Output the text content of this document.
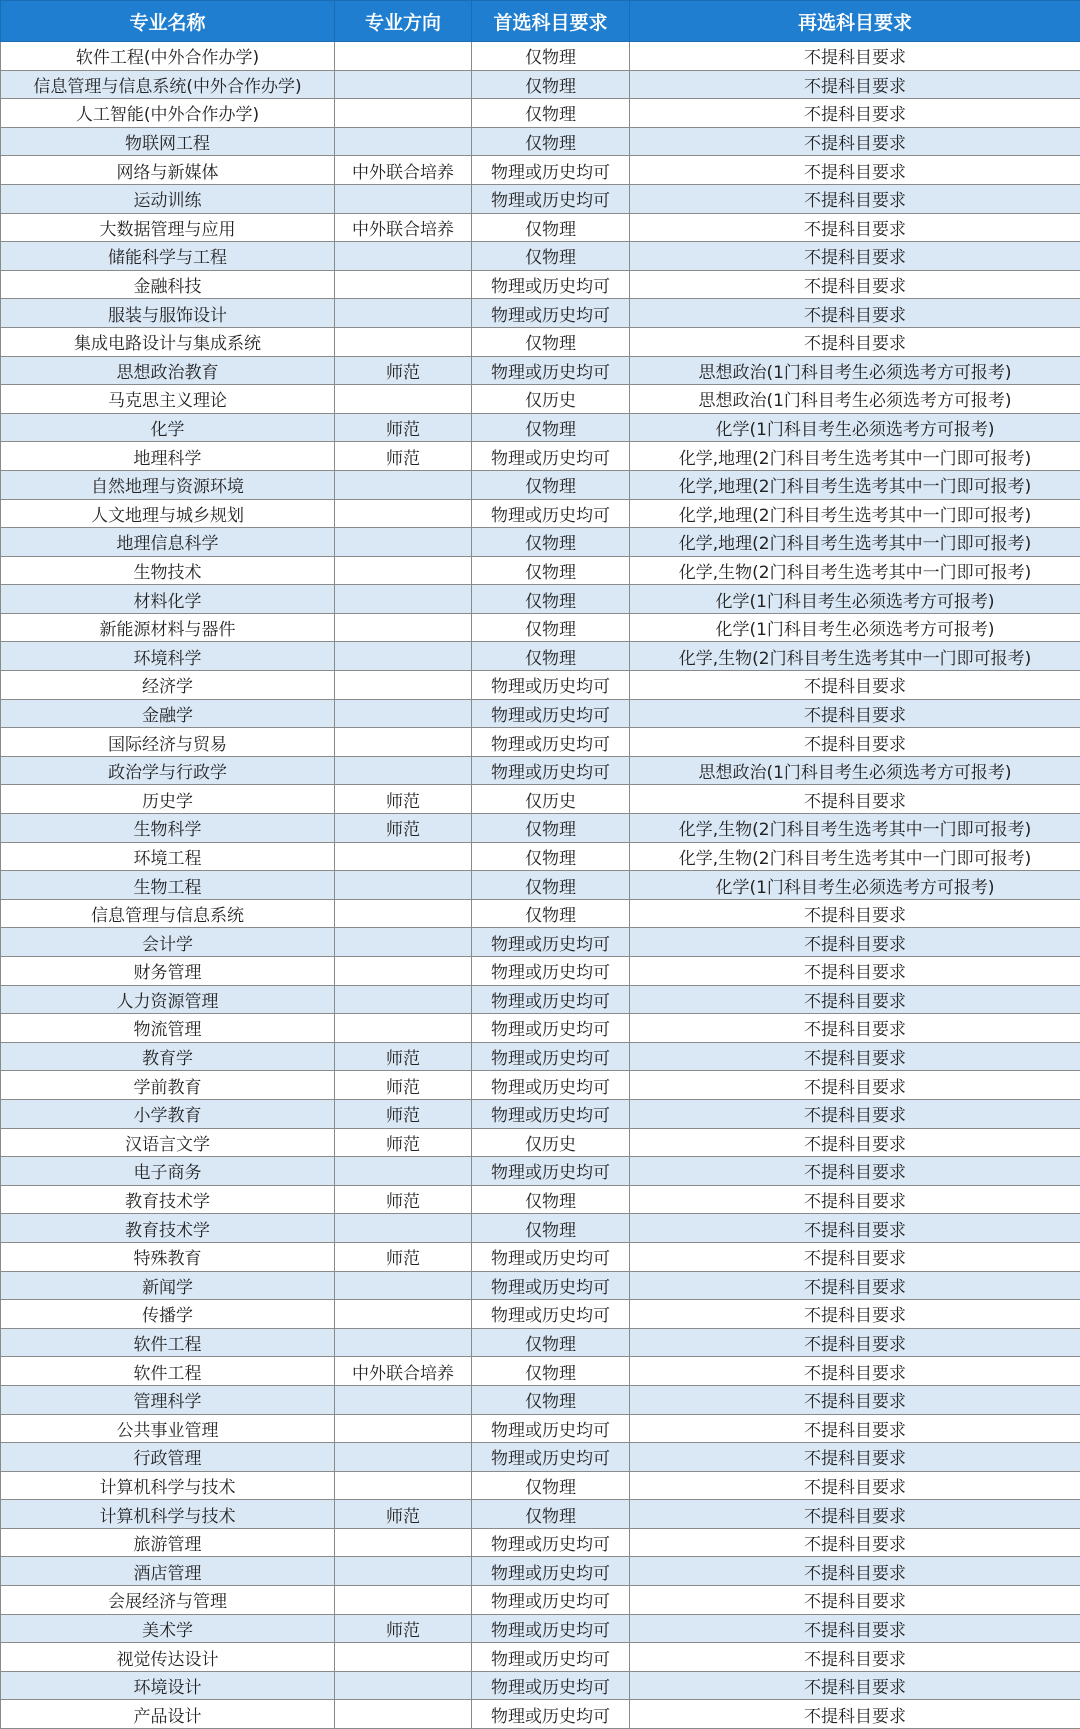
专业名称	专业方向	首选科目要求	再选科目要求
软件工程(中外合作办学)		仅物理	不提科目要求
信息管理与信息系统(中外合作办学)		仅物理	不提科目要求
人工智能(中外合作办学)		仅物理	不提科目要求
物联网工程		仅物理	不提科目要求
网络与新媒体	中外联合培养	物理或历史均可	不提科目要求
运动训练		物理或历史均可	不提科目要求
大数据管理与应用	中外联合培养	仅物理	不提科目要求
储能科学与工程		仅物理	不提科目要求
金融科技		物理或历史均可	不提科目要求
服装与服饰设计		物理或历史均可	不提科目要求
集成电路设计与集成系统		仅物理	不提科目要求
思想政治教育	师范	物理或历史均可	思想政治(1门科目考生必须选考方可报考)
马克思主义理论		仅历史	思想政治(1门科目考生必须选考方可报考)
化学	师范	仅物理	化学(1门科目考生必须选考方可报考)
地理科学	师范	物理或历史均可	化学,地理(2门科目考生选考其中一门即可报考)
自然地理与资源环境		仅物理	化学,地理(2门科目考生选考其中一门即可报考)
人文地理与城乡规划		物理或历史均可	化学,地理(2门科目考生选考其中一门即可报考)
地理信息科学		仅物理	化学,地理(2门科目考生选考其中一门即可报考)
生物技术		仅物理	化学,生物(2门科目考生选考其中一门即可报考)
材料化学		仅物理	化学(1门科目考生必须选考方可报考)
新能源材料与器件		仅物理	化学(1门科目考生必须选考方可报考)
环境科学		仅物理	化学,生物(2门科目考生选考其中一门即可报考)
经济学		物理或历史均可	不提科目要求
金融学		物理或历史均可	不提科目要求
国际经济与贸易		物理或历史均可	不提科目要求
政治学与行政学		物理或历史均可	思想政治(1门科目考生必须选考方可报考)
历史学	师范	仅历史	不提科目要求
生物科学	师范	仅物理	化学,生物(2门科目考生选考其中一门即可报考)
环境工程		仅物理	化学,生物(2门科目考生选考其中一门即可报考)
生物工程		仅物理	化学(1门科目考生必须选考方可报考)
信息管理与信息系统		仅物理	不提科目要求
会计学		物理或历史均可	不提科目要求
财务管理		物理或历史均可	不提科目要求
人力资源管理		物理或历史均可	不提科目要求
物流管理		物理或历史均可	不提科目要求
教育学	师范	物理或历史均可	不提科目要求
学前教育	师范	物理或历史均可	不提科目要求
小学教育	师范	物理或历史均可	不提科目要求
汉语言文学	师范	仅历史	不提科目要求
电子商务		物理或历史均可	不提科目要求
教育技术学	师范	仅物理	不提科目要求
教育技术学		仅物理	不提科目要求
特殊教育	师范	物理或历史均可	不提科目要求
新闻学		物理或历史均可	不提科目要求
传播学		物理或历史均可	不提科目要求
软件工程		仅物理	不提科目要求
软件工程	中外联合培养	仅物理	不提科目要求
管理科学		仅物理	不提科目要求
公共事业管理		物理或历史均可	不提科目要求
行政管理		物理或历史均可	不提科目要求
计算机科学与技术		仅物理	不提科目要求
计算机科学与技术	师范	仅物理	不提科目要求
旅游管理		物理或历史均可	不提科目要求
酒店管理		物理或历史均可	不提科目要求
会展经济与管理		物理或历史均可	不提科目要求
美术学	师范	物理或历史均可	不提科目要求
视觉传达设计		物理或历史均可	不提科目要求
环境设计		物理或历史均可	不提科目要求
产品设计		物理或历史均可	不提科目要求
